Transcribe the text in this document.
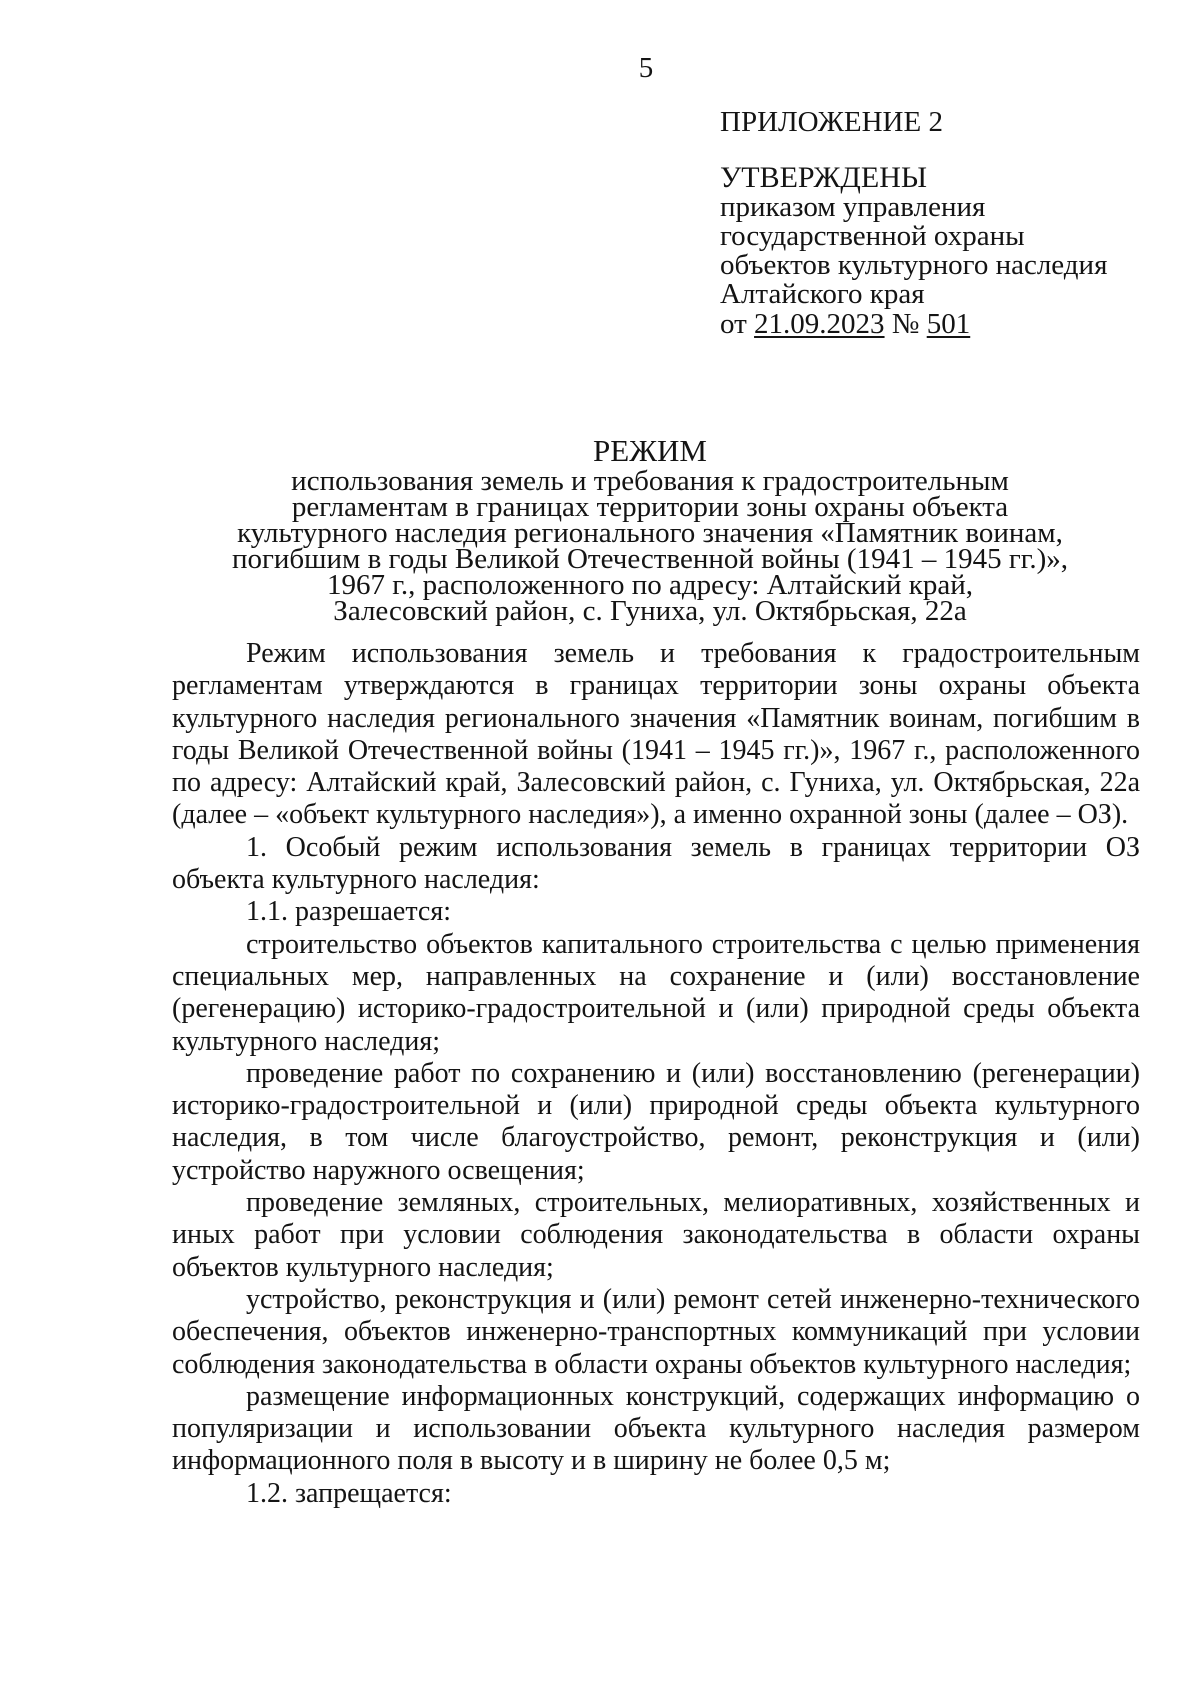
5
ПРИЛОЖЕНИЕ 2
УТВЕРЖДЕНЫ
приказом управления
государственной охраны
объектов культурного наследия
Алтайского края
от 21.09.2023 № 501
РЕЖИМ
использования земель и требования к градостроительным
регламентам в границах территории зоны охраны объекта
культурного наследия регионального значения «Памятник воинам,
погибшим в годы Великой Отечественной войны (1941 – 1945 гг.)»,
1967 г., расположенного по адресу: Алтайский край,
Залесовский район, с. Гуниха, ул. Октябрьская, 22а

Режим использования земель и требования к градостроительным регламентам утверждаются в границах территории зоны охраны объекта культурного наследия регионального значения «Памятник воинам, погибшим в годы Великой Отечественной войны (1941 – 1945 гг.)», 1967 г., расположенного по адресу: Алтайский край, Залесовский район, с. Гуниха, ул. Октябрьская, 22а (далее – «объект культурного наследия»), а именно охранной зоны (далее – ОЗ).

1. Особый режим использования земель в границах территории ОЗ объекта культурного наследия:

1.1. разрешается:

строительство объектов капитального строительства с целью применения специальных мер, направленных на сохранение и (или) восстановление (регенерацию) историко-градостроительной и (или) природной среды объекта культурного наследия;

проведение работ по сохранению и (или) восстановлению (регенерации) историко-градостроительной и (или) природной среды объекта культурного наследия, в том числе благоустройство, ремонт, реконструкция и (или) устройство наружного освещения;

проведение земляных, строительных, мелиоративных, хозяйственных и иных работ при условии соблюдения законодательства в области охраны объектов культурного наследия;

устройство, реконструкция и (или) ремонт сетей инженерно-технического обеспечения, объектов инженерно-транспортных коммуникаций при условии соблюдения законодательства в области охраны объектов культурного наследия;

размещение информационных конструкций, содержащих информацию о популяризации и использовании объекта культурного наследия размером информационного поля в высоту и в ширину не более 0,5 м;

1.2. запрещается:
